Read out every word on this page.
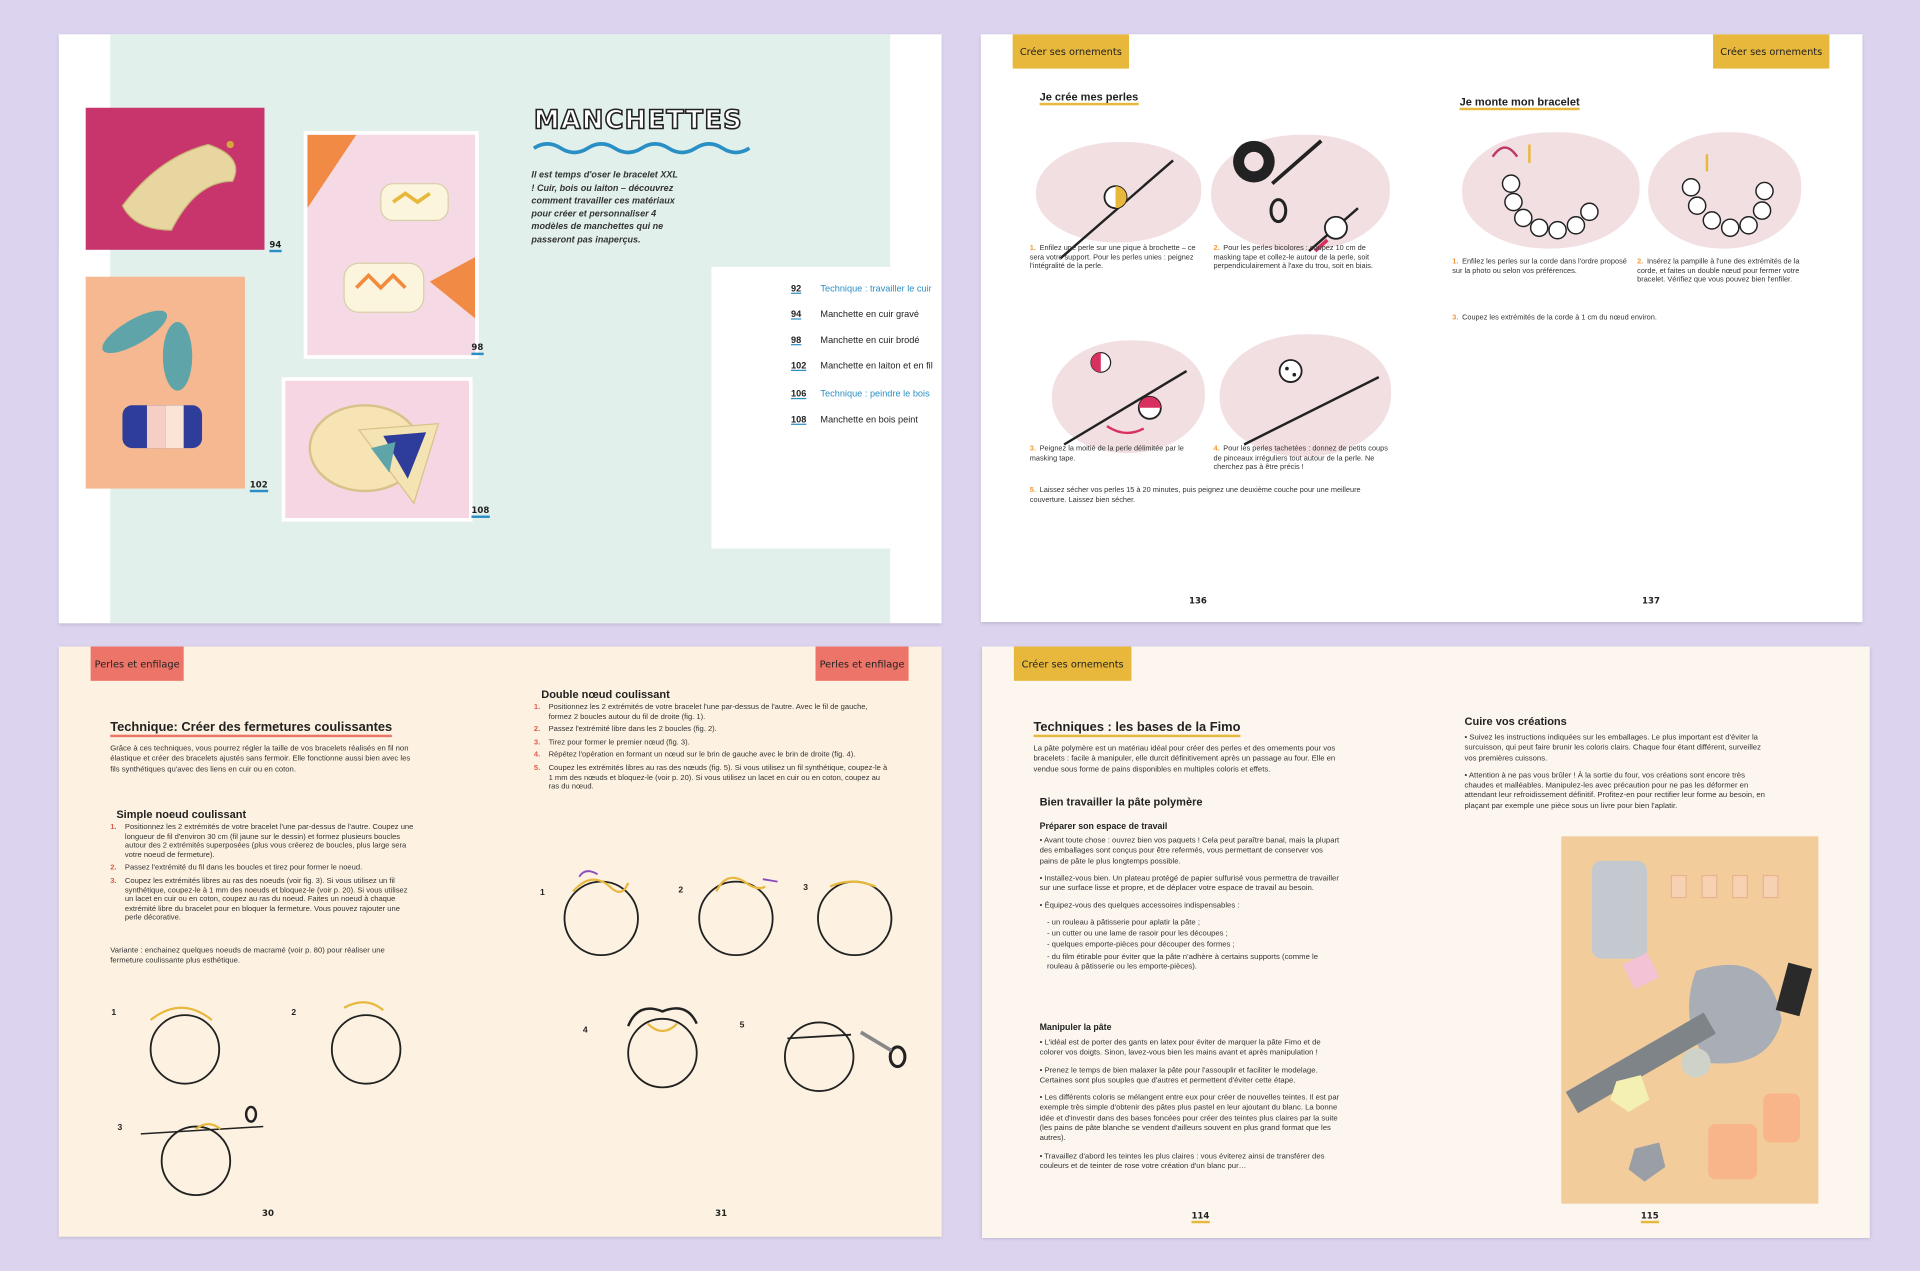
94
98
102
108
MANCHETTES
Il est temps d'oser le bracelet XXL ! Cuir, bois ou laiton – découvrez comment travailler ces matériaux pour créer et personnaliser 4 modèles de manchettes qui ne passeront pas inaperçus.
92	Technique : travailler le cuir
94	Manchette en cuir gravé
98	Manchette en cuir brodé
102	Manchette en laiton et en fil
106	Technique : peindre le bois
108	Manchette en bois peint
Créer ses ornements	Créer ses ornements
Je crée mes perles	Je monte mon bracelet
1. Enfilez une perle sur une pique à brochette – ce sera votre support. Pour les perles unies : peignez l'intégralité de la perle.
2. Pour les perles bicolores : coupez 10 cm de masking tape et collez-le autour de la perle, soit perpendiculairement à l'axe du trou, soit en biais.
3. Peignez la moitié de la perle délimitée par le masking tape.
4. Pour les perles tachetées : donnez de petits coups de pinceaux irréguliers tout autour de la perle. Ne cherchez pas à être précis !
5. Laissez sécher vos perles 15 à 20 minutes, puis peignez une deuxième couche pour une meilleure couverture. Laissez bien sécher.
1. Enfilez les perles sur la corde dans l'ordre proposé sur la photo ou selon vos préférences.
2. Insérez la pampille à l'une des extrémités de la corde, et faites un double nœud pour fermer votre bracelet. Vérifiez que vous pouvez bien l'enfiler.
3. Coupez les extrémités de la corde à 1 cm du nœud environ.
136	137
Perles et enfilage	Perles et enfilage
Technique: Créer des fermetures coulissantes
Grâce à ces techniques, vous pourrez régler la taille de vos bracelets réalisés en fil non élastique et créer des bracelets ajustés sans fermoir. Elle fonctionne aussi bien avec les fils synthétiques qu'avec des liens en cuir ou en coton.
Simple noeud coulissant
1. Positionnez les 2 extrémités de votre bracelet l'une par-dessus de l'autre. Coupez une longueur de fil d'environ 30 cm (fil jaune sur le dessin) et formez plusieurs boucles autour des 2 extrémités superposées (plus vous créerez de boucles, plus large sera votre noeud de fermeture).
2. Passez l'extrémité du fil dans les boucles et tirez pour former le noeud.
3. Coupez les extrémités libres au ras des noeuds (voir fig. 3). Si vous utilisez un fil synthétique, coupez-le à 1 mm des noeuds et bloquez-le (voir p. 20). Si vous utilisez un lacet en cuir ou en coton, coupez au ras du noeud. Faites un noeud à chaque extrémité libre du bracelet pour en bloquer la fermeture. Vous pouvez rajouter une perle décorative.
Variante : enchainez quelques noeuds de macramé (voir p. 80) pour réaliser une fermeture coulissante plus esthétique.
Double nœud coulissant
1. Positionnez les 2 extrémités de votre bracelet l'une par-dessus de l'autre. Avec le fil de gauche, formez 2 boucles autour du fil de droite (fig. 1).
2. Passez l'extrémité libre dans les 2 boucles (fig. 2).
3. Tirez pour former le premier nœud (fig. 3).
4. Répétez l'opération en formant un nœud sur le brin de gauche avec le brin de droite (fig. 4).
5. Coupez les extrémités libres au ras des nœuds (fig. 5). Si vous utilisez un fil synthétique, coupez-le à 1 mm des nœuds et bloquez-le (voir p. 20). Si vous utilisez un lacet en cuir ou en coton, coupez au ras du nœud.
1	2	3
4
5
1	2
3
30	31
Créer ses ornements
Techniques : les bases de la Fimo
La pâte polymère est un matériau idéal pour créer des perles et des ornements pour vos bracelets : facile à manipuler, elle durcit définitivement après un passage au four. Elle en vendue sous forme de pains disponibles en multiples coloris et effets.
Bien travailler la pâte polymère
Préparer son espace de travail
• Avant toute chose : ouvrez bien vos paquets ! Cela peut paraître banal, mais la plupart des emballages sont conçus pour être refermés, vous permettant de conserver vos pains de pâte le plus longtemps possible.
• Installez-vous bien. Un plateau protégé de papier sulfurisé vous permettra de travailler sur une surface lisse et propre, et de déplacer votre espace de travail au besoin.
• Équipez-vous des quelques accessoires indispensables :
- un rouleau à pâtisserie pour aplatir la pâte ;
- un cutter ou une lame de rasoir pour les découpes ;
- quelques emporte-pièces pour découper des formes ;
- du film étirable pour éviter que la pâte n'adhère à certains supports (comme le rouleau à pâtisserie ou les emporte-pièces).
Manipuler la pâte
• L'idéal est de porter des gants en latex pour éviter de marquer la pâte Fimo et de colorer vos doigts. Sinon, lavez-vous bien les mains avant et après manipulation !
• Prenez le temps de bien malaxer la pâte pour l'assouplir et faciliter le modelage. Certaines sont plus souples que d'autres et permettent d'éviter cette étape.
• Les différents coloris se mélangent entre eux pour créer de nouvelles teintes. Il est par exemple très simple d'obtenir des pâtes plus pastel en leur ajoutant du blanc. La bonne idée et d'investir dans des bases foncées pour créer des teintes plus claires par la suite (les pains de pâte blanche se vendent d'ailleurs souvent en plus grand format que les autres).
• Travaillez d'abord les teintes les plus claires : vous éviterez ainsi de transférer des couleurs et de teinter de rose votre création d'un blanc pur…
Cuire vos créations
• Suivez les instructions indiquées sur les emballages. Le plus important est d'éviter la surcuisson, qui peut faire brunir les coloris clairs. Chaque four étant différent, surveillez vos premières cuissons.
• Attention à ne pas vous brûler ! À la sortie du four, vos créations sont encore très chaudes et malléables. Manipulez-les avec précaution pour ne pas les déformer en attendant leur refroidissement définitif. Profitez-en pour rectifier leur forme au besoin, en plaçant par exemple une pièce sous un livre pour bien l'aplatir.
114	115
